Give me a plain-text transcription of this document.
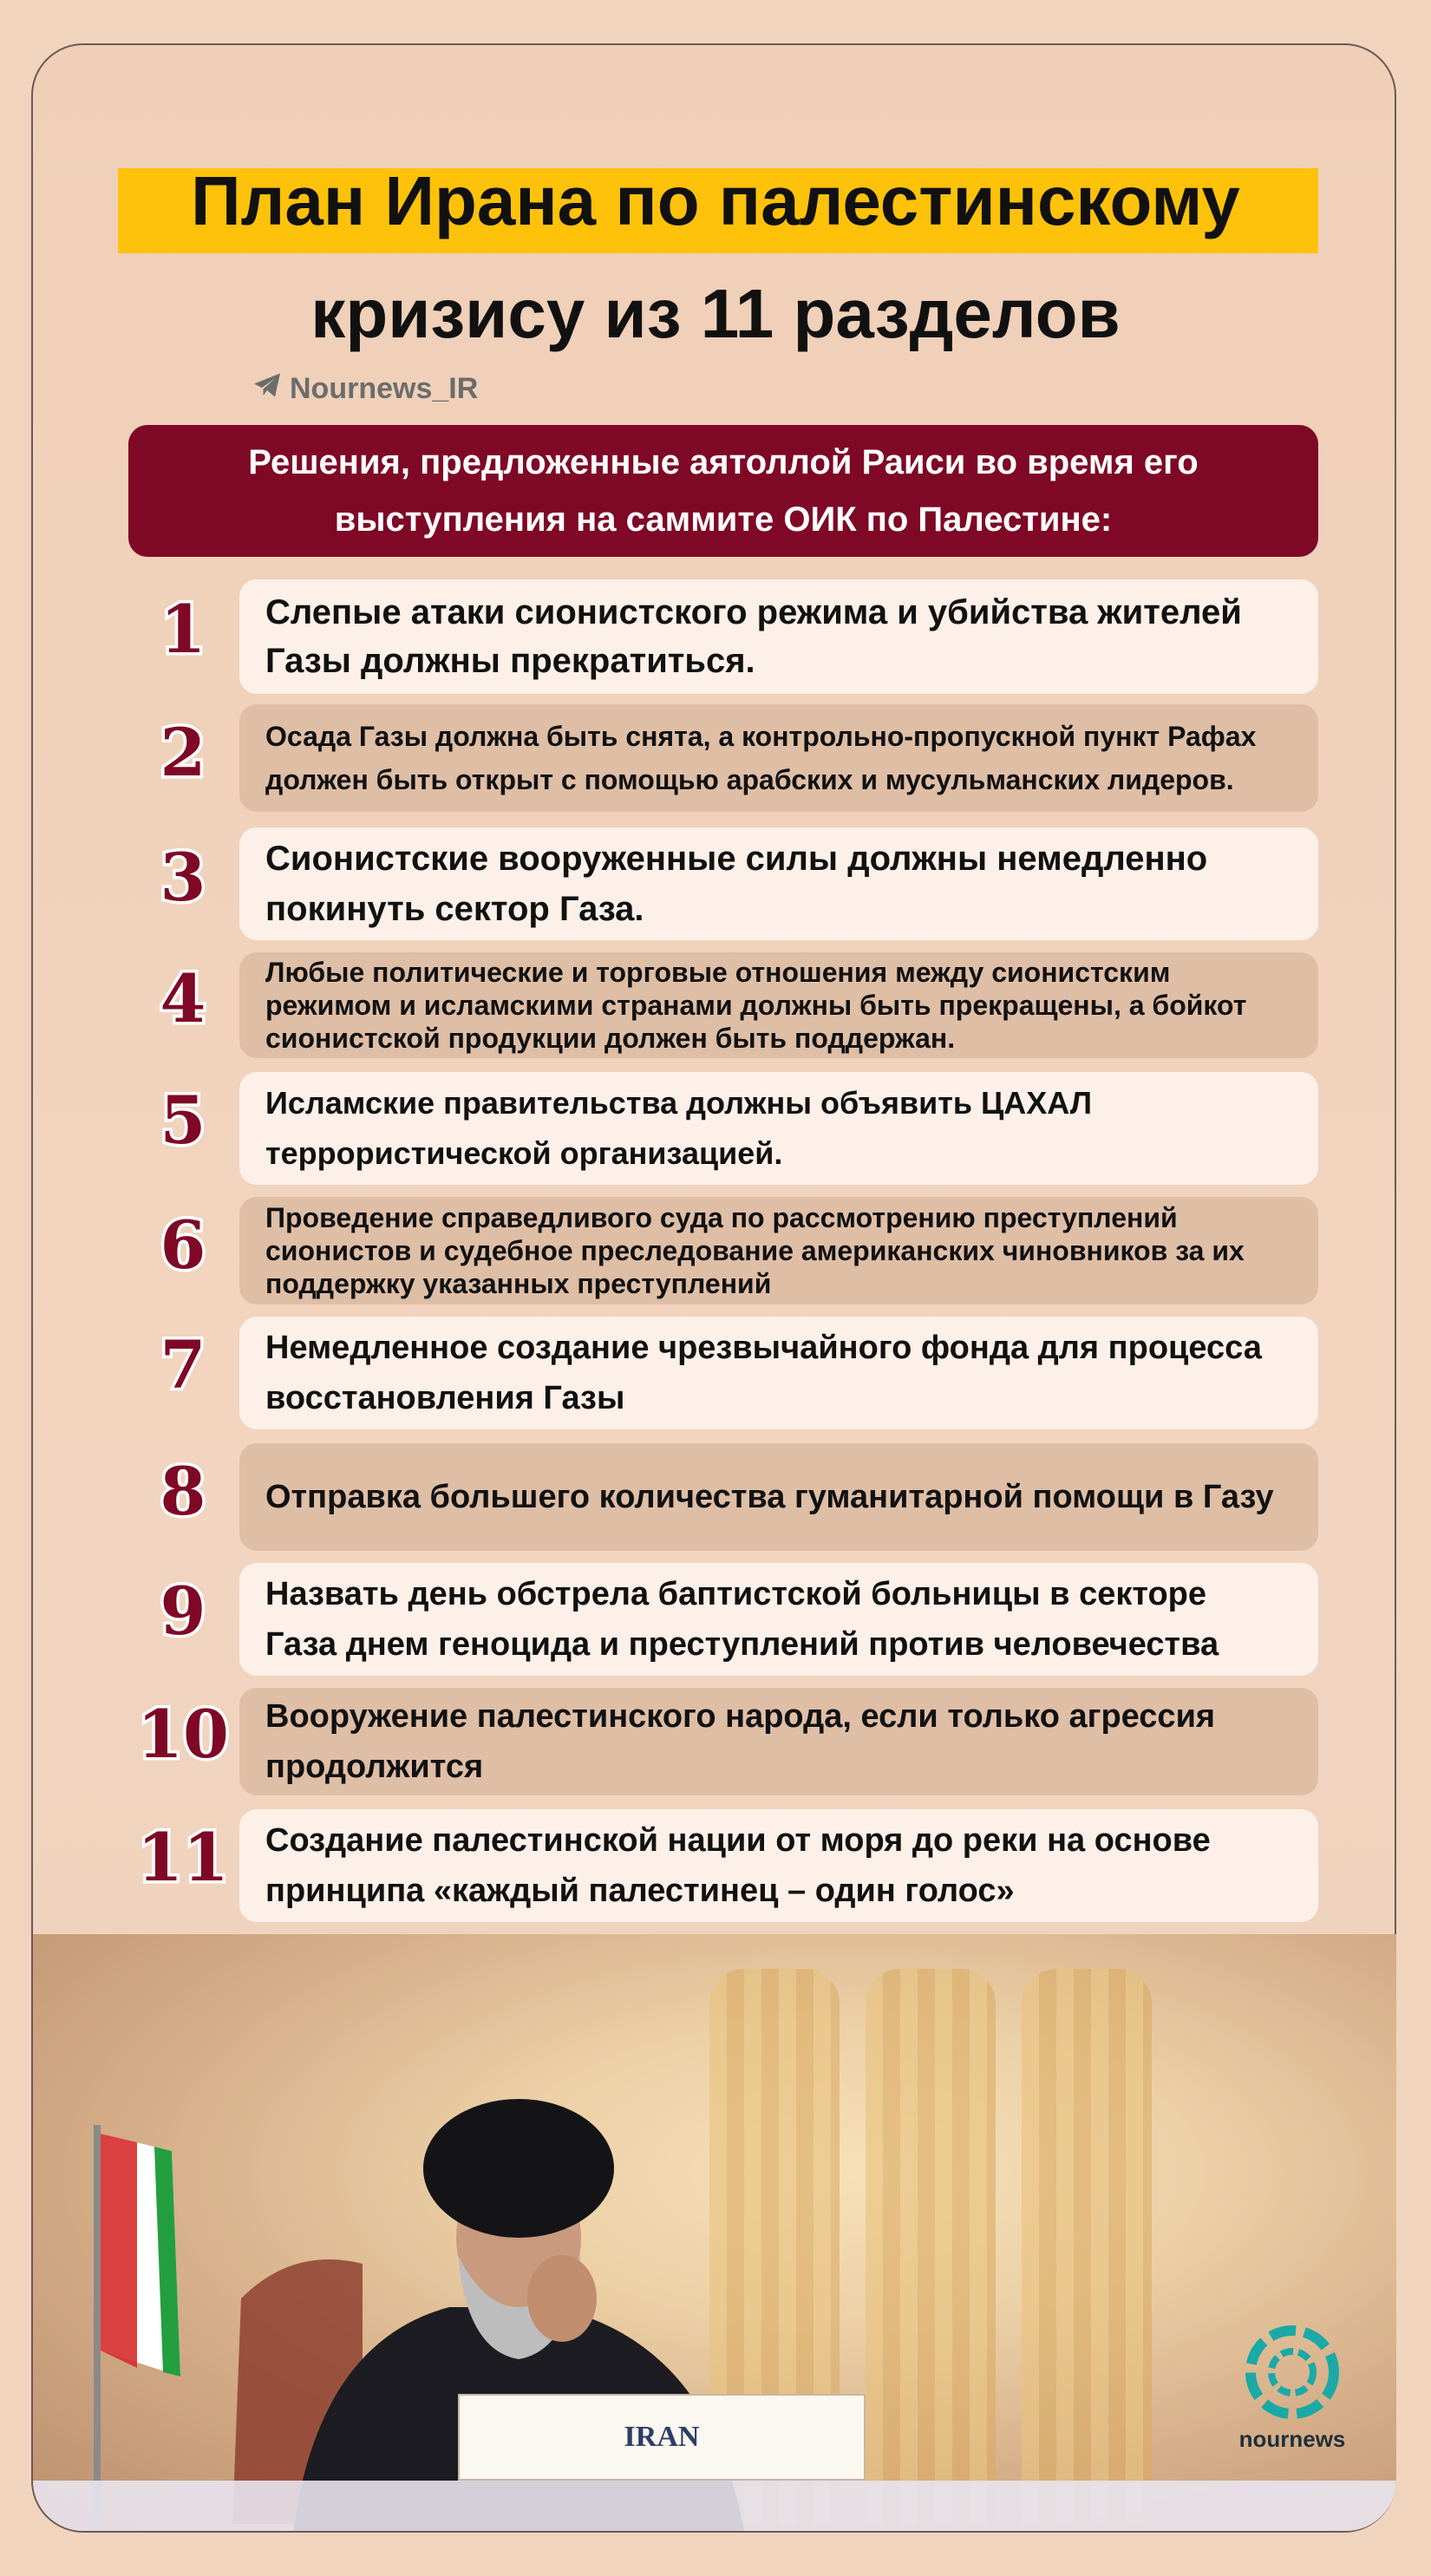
План Ирана по палестинскому
кризису из 11 разделов
Nournews_IR
Решения, предложенные аятоллой Раиси во время его выступления на саммите ОИК по Палестине:
1	Слепые атаки сионистского режима и убийства жителей
Газы должны прекратиться.
2	Осада Газы должна быть снята, а контрольно-пропускной пункт Рафах
должен быть открыт с помощью арабских и мусульманских лидеров.
3	Сионистские вооруженные силы должны немедленно
покинуть сектор Газа.
4	Любые политические и торговые отношения между сионистским
режимом и исламскими странами должны быть прекращены, а бойкот
сионистской продукции должен быть поддержан.
5	Исламские правительства должны объявить ЦАХАЛ
террористической организацией.
6	Проведение справедливого суда по рассмотрению преступлений
сионистов и судебное преследование американских чиновников за их
поддержку указанных преступлений
7	Немедленное создание чрезвычайного фонда для процесса
восстановления Газы
8	Отправка большего количества гуманитарной помощи в Газу
9	Назвать день обстрела баптистской больницы в секторе
Газа днем геноцида и преступлений против человечества
10	Вооружение палестинского народа, если только агрессия
продолжится
11	Создание палестинской нации от моря до реки на основе
принципа «каждый палестинец – один голос»
IRAN	nournews
